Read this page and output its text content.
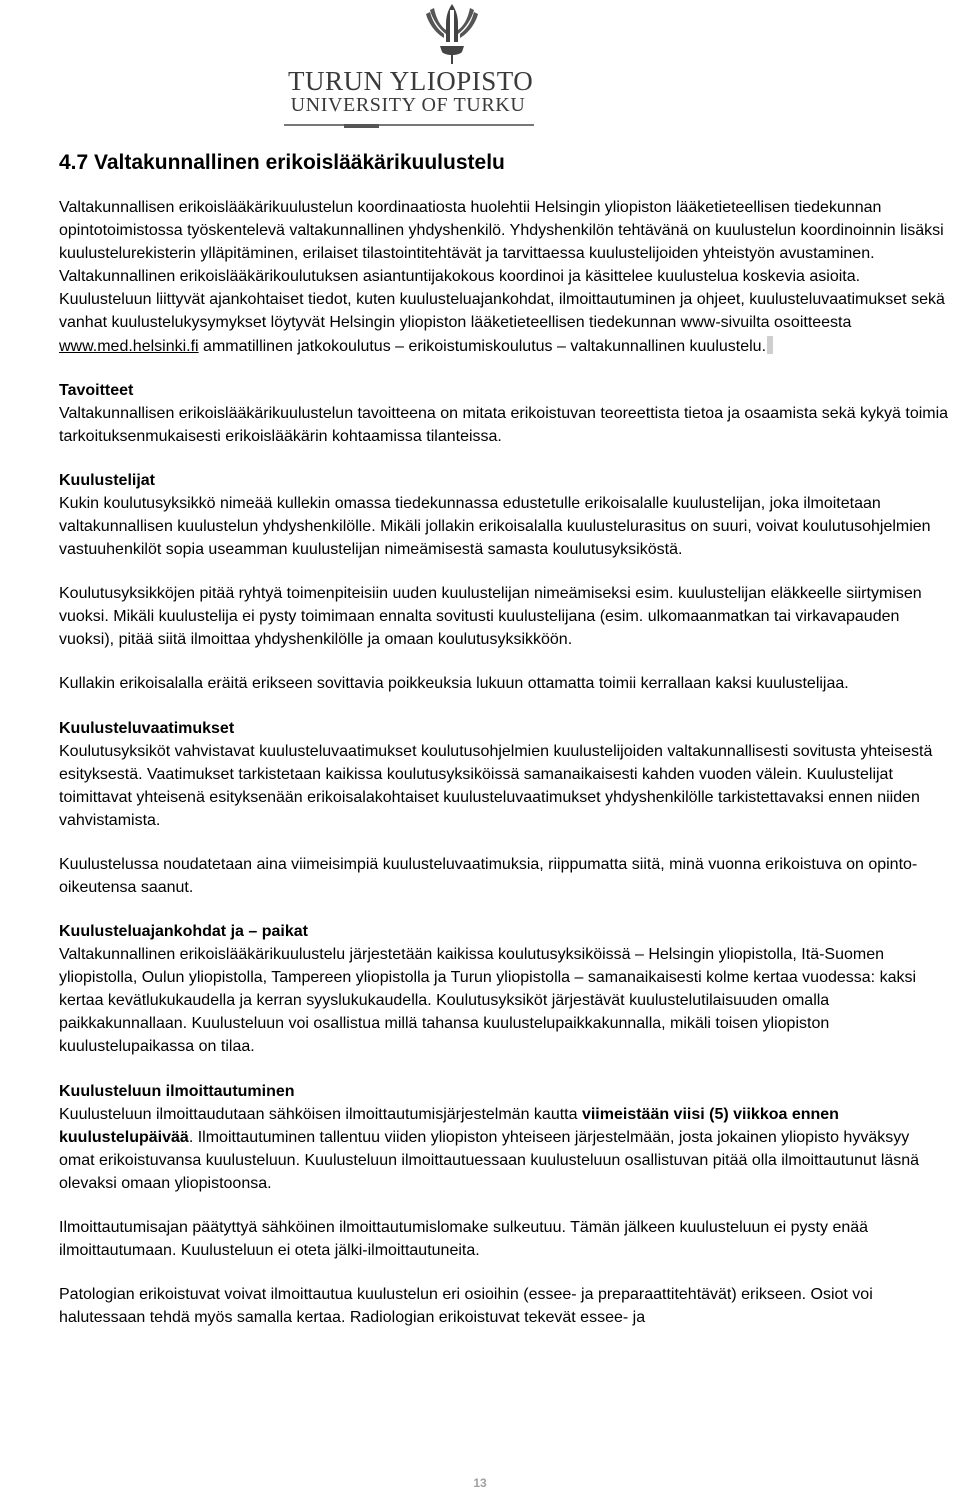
TURUN YLIOPISTO
UNIVERSITY OF TURKU
4.7 Valtakunnallinen erikoislääkärikuulustelu

Valtakunnallisen erikoislääkärikuulustelun koordinaatiosta huolehtii Helsingin yliopiston lääketieteellisen tiedekunnan opintotoimistossa työskentelevä valtakunnallinen yhdyshenkilö. Yhdyshenkilön tehtävänä on kuulustelun koordinoinnin lisäksi kuulustelurekisterin ylläpitäminen, erilaiset tilastointitehtävät ja tarvittaessa kuulustelijoiden yhteistyön avustaminen. Valtakunnallinen erikoislääkärikoulutuksen asiantuntijakokous koordinoi ja käsittelee kuulustelua koskevia asioita. Kuulusteluun liittyvät ajankohtaiset tiedot, kuten kuulusteluajankohdat, ilmoittautuminen ja ohjeet, kuulusteluvaatimukset sekä vanhat kuulustelukysymykset löytyvät Helsingin yliopiston lääketieteellisen tiedekunnan www-sivuilta osoitteesta www.med.helsinki.fi ammatillinen jatkokoulutus – erikoistumiskoulutus – valtakunnallinen kuulustelu.

Tavoitteet

Valtakunnallisen erikoislääkärikuulustelun tavoitteena on mitata erikoistuvan teoreettista tietoa ja osaamista sekä kykyä toimia tarkoituksenmukaisesti erikoislääkärin kohtaamissa tilanteissa.

Kuulustelijat

Kukin koulutusyksikkö nimeää kullekin omassa tiedekunnassa edustetulle erikoisalalle kuulustelijan, joka ilmoitetaan valtakunnallisen kuulustelun yhdyshenkilölle. Mikäli jollakin erikoisalalla kuulustelurasitus on suuri, voivat koulutusohjelmien vastuuhenkilöt sopia useamman kuulustelijan nimeämisestä samasta koulutusyksiköstä.

Koulutusyksikköjen pitää ryhtyä toimenpiteisiin uuden kuulustelijan nimeämiseksi esim. kuulustelijan eläkkeelle siirtymisen vuoksi. Mikäli kuulustelija ei pysty toimimaan ennalta sovitusti kuulustelijana (esim. ulkomaanmatkan tai virkavapauden vuoksi), pitää siitä ilmoittaa yhdyshenkilölle ja omaan koulutusyksikköön.

Kullakin erikoisalalla eräitä erikseen sovittavia poikkeuksia lukuun ottamatta toimii kerrallaan kaksi kuulustelijaa.

Kuulusteluvaatimukset

Koulutusyksiköt vahvistavat kuulusteluvaatimukset koulutusohjelmien kuulustelijoiden valtakunnallisesti sovitusta yhteisestä esityksestä. Vaatimukset tarkistetaan kaikissa koulutusyksiköissä samanaikaisesti kahden vuoden välein. Kuulustelijat toimittavat yhteisenä esityksenään erikoisalakohtaiset kuulusteluvaatimukset yhdyshenkilölle tarkistettavaksi ennen niiden vahvistamista.

Kuulustelussa noudatetaan aina viimeisimpiä kuulusteluvaatimuksia, riippumatta siitä, minä vuonna erikoistuva on opinto-oikeutensa saanut.

Kuulusteluajankohdat ja – paikat

Valtakunnallinen erikoislääkärikuulustelu järjestetään kaikissa koulutusyksiköissä – Helsingin yliopistolla, Itä-Suomen yliopistolla, Oulun yliopistolla, Tampereen yliopistolla ja Turun yliopistolla – samanaikaisesti kolme kertaa vuodessa: kaksi kertaa kevätlukukaudella ja kerran syyslukukaudella. Koulutusyksiköt järjestävät kuulustelutilaisuuden omalla paikkakunnallaan. Kuulusteluun voi osallistua millä tahansa kuulustelupaikkakunnalla, mikäli toisen yliopiston kuulustelupaikassa on tilaa.

Kuulusteluun ilmoittautuminen

Kuulusteluun ilmoittaudutaan sähköisen ilmoittautumisjärjestelmän kautta viimeistään viisi (5) viikkoa ennen kuulustelupäivää. Ilmoittautuminen tallentuu viiden yliopiston yhteiseen järjestelmään, josta jokainen yliopisto hyväksyy omat erikoistuvansa kuulusteluun. Kuulusteluun ilmoittautuessaan kuulusteluun osallistuvan pitää olla ilmoittautunut läsnä olevaksi omaan yliopistoonsa.

Ilmoittautumisajan päätyttyä sähköinen ilmoittautumislomake sulkeutuu. Tämän jälkeen kuulusteluun ei pysty enää ilmoittautumaan. Kuulusteluun ei oteta jälki-ilmoittautuneita.

Patologian erikoistuvat voivat ilmoittautua kuulustelun eri osioihin (essee- ja preparaattitehtävät) erikseen. Osiot voi halutessaan tehdä myös samalla kertaa. Radiologian erikoistuvat tekevät essee- ja

13
